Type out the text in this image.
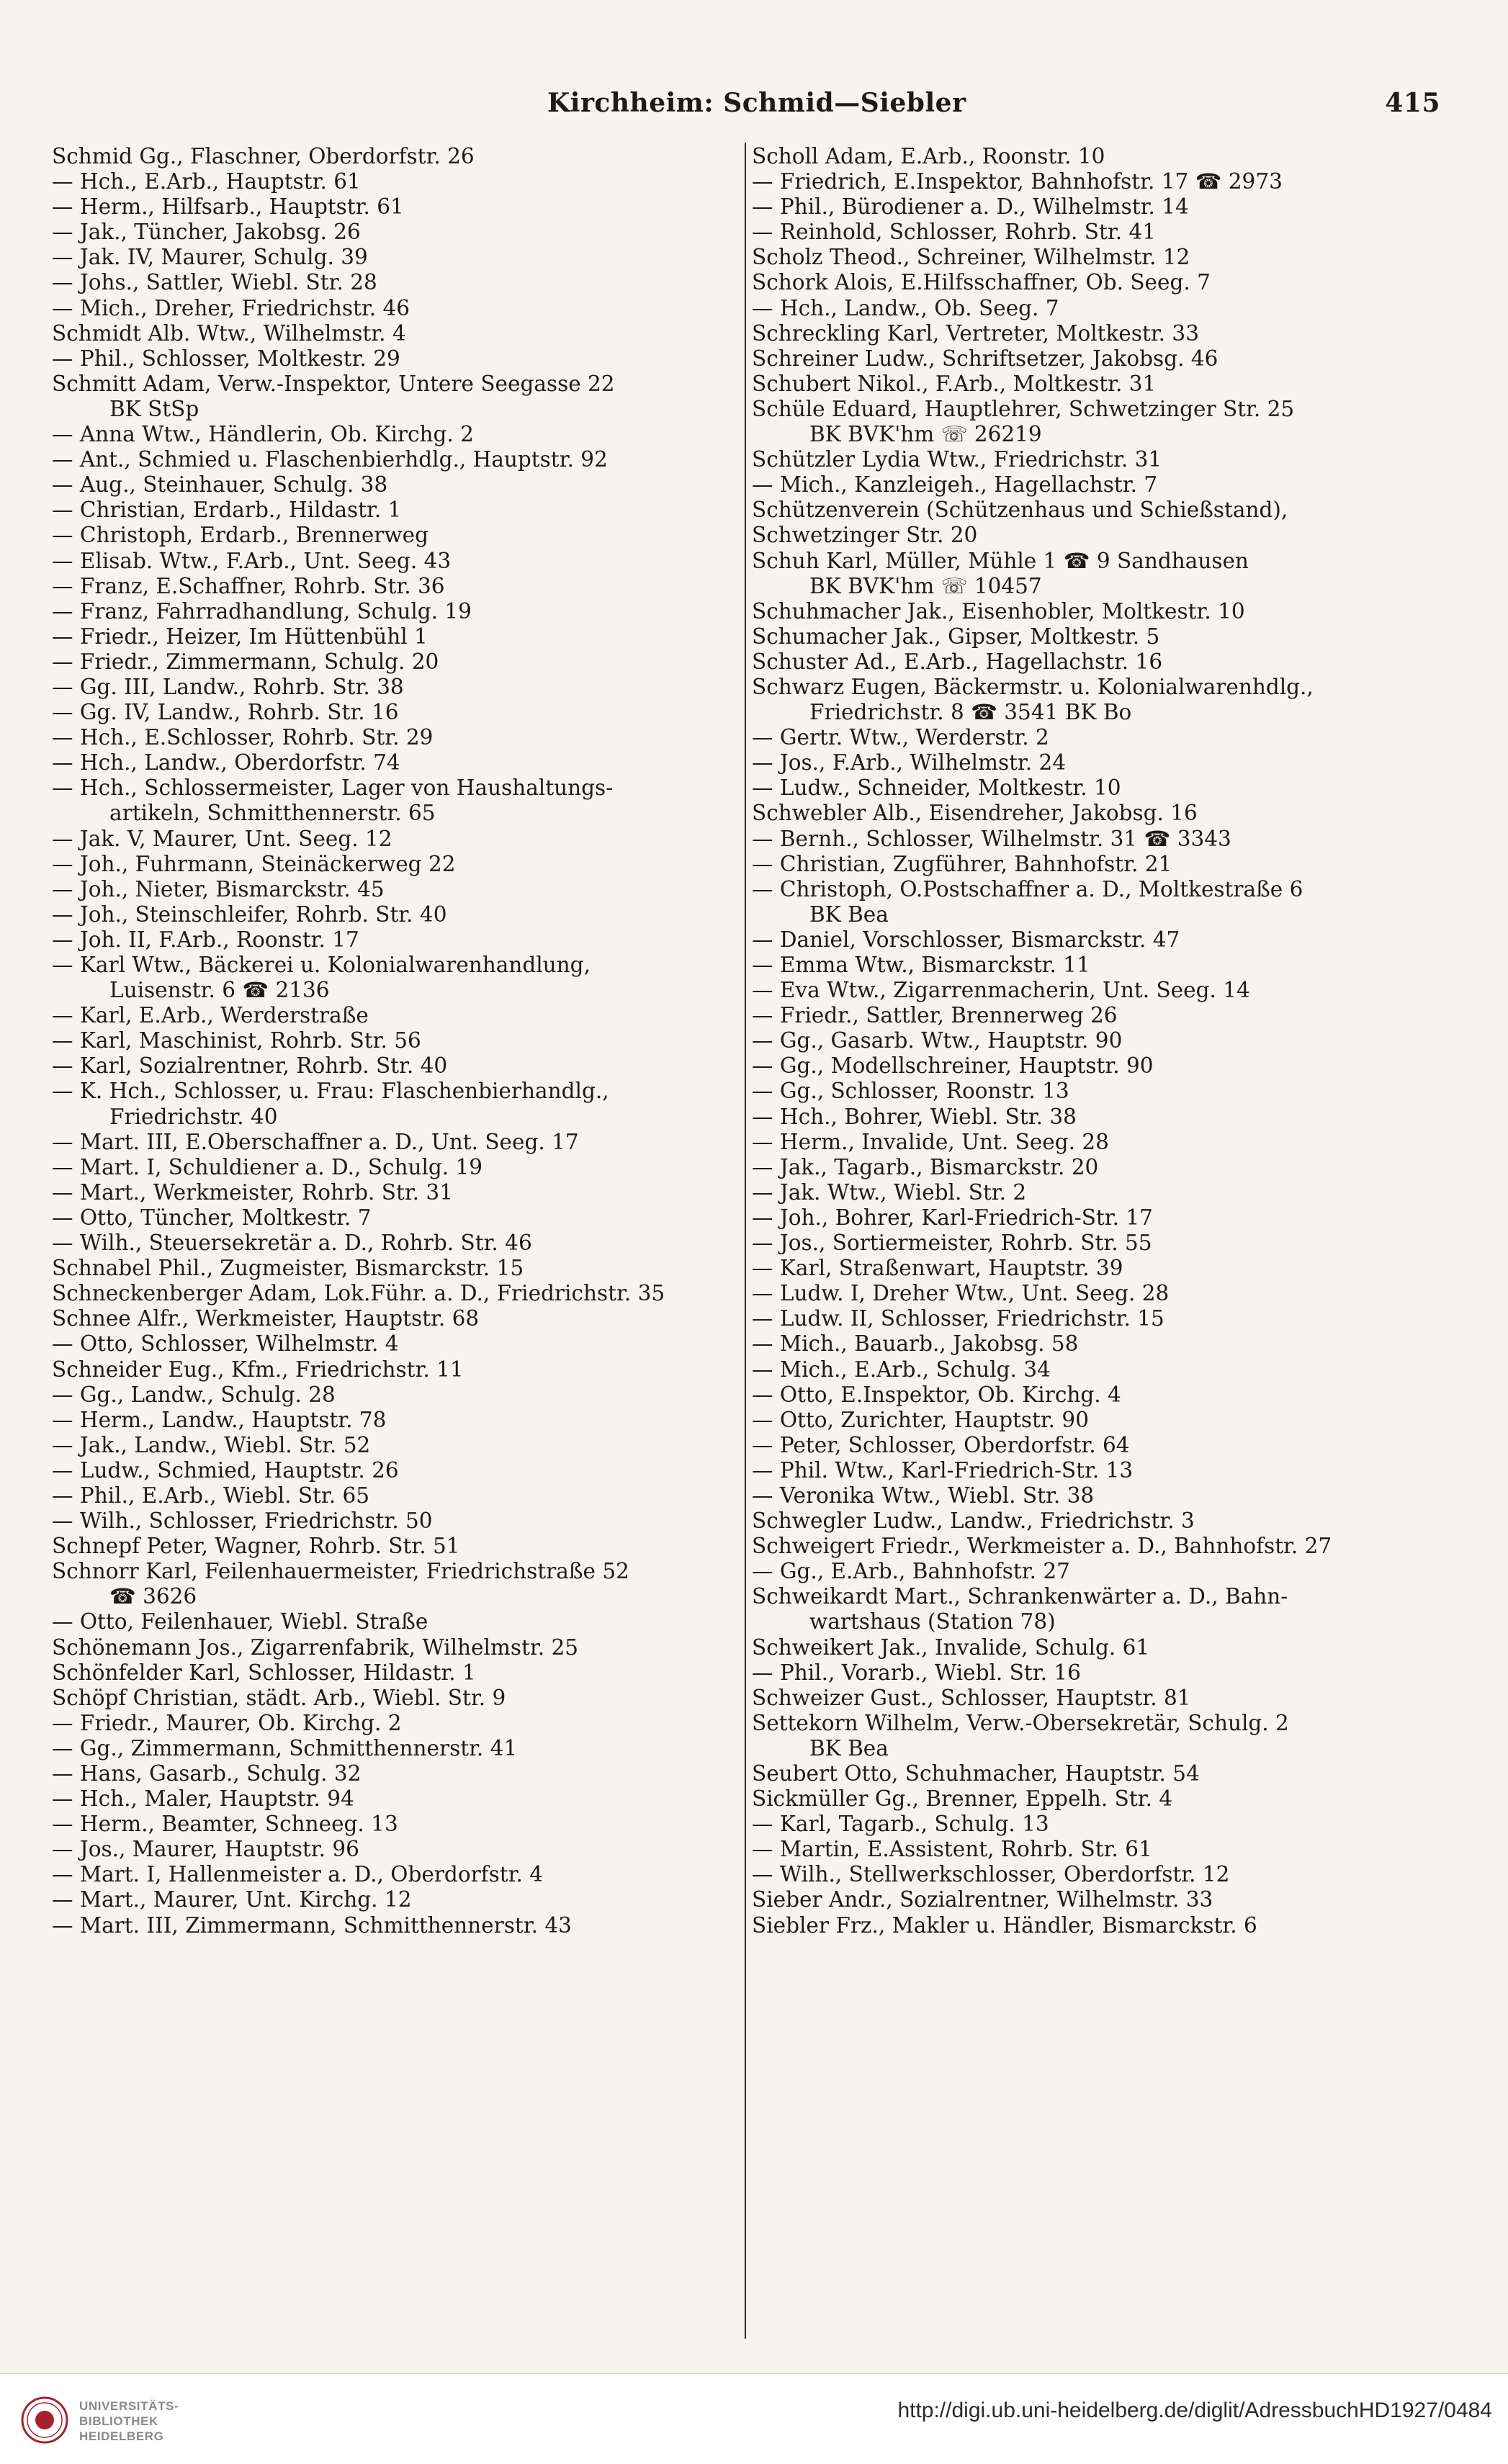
Kirchheim: Schmid—Siebler	415
Schmid Gg., Flaschner, Oberdorfstr. 26
— Hch., E.Arb., Hauptstr. 61
— Herm., Hilfsarb., Hauptstr. 61
— Jak., Tüncher, Jakobsg. 26
— Jak. IV, Maurer, Schulg. 39
— Johs., Sattler, Wiebl. Str. 28
— Mich., Dreher, Friedrichstr. 46
Schmidt Alb. Wtw., Wilhelmstr. 4
— Phil., Schlosser, Moltkestr. 29
Schmitt Adam, Verw.-Inspektor, Untere Seegasse 22
BK StSp
— Anna Wtw., Händlerin, Ob. Kirchg. 2
— Ant., Schmied u. Flaschenbierhdlg., Hauptstr. 92
— Aug., Steinhauer, Schulg. 38
— Christian, Erdarb., Hildastr. 1
— Christoph, Erdarb., Brennerweg
— Elisab. Wtw., F.Arb., Unt. Seeg. 43
— Franz, E.Schaffner, Rohrb. Str. 36
— Franz, Fahrradhandlung, Schulg. 19
— Friedr., Heizer, Im Hüttenbühl 1
— Friedr., Zimmermann, Schulg. 20
— Gg. III, Landw., Rohrb. Str. 38
— Gg. IV, Landw., Rohrb. Str. 16
— Hch., E.Schlosser, Rohrb. Str. 29
— Hch., Landw., Oberdorfstr. 74
— Hch., Schlossermeister, Lager von Haushaltungs-
artikeln, Schmitthennerstr. 65
— Jak. V, Maurer, Unt. Seeg. 12
— Joh., Fuhrmann, Steinäckerweg 22
— Joh., Nieter, Bismarckstr. 45
— Joh., Steinschleifer, Rohrb. Str. 40
— Joh. II, F.Arb., Roonstr. 17
— Karl Wtw., Bäckerei u. Kolonialwarenhandlung,
Luisenstr. 6 ☎ 2136
— Karl, E.Arb., Werderstraße
— Karl, Maschinist, Rohrb. Str. 56
— Karl, Sozialrentner, Rohrb. Str. 40
— K. Hch., Schlosser, u. Frau: Flaschenbierhandlg.,
Friedrichstr. 40
— Mart. III, E.Oberschaffner a. D., Unt. Seeg. 17
— Mart. I, Schuldiener a. D., Schulg. 19
— Mart., Werkmeister, Rohrb. Str. 31
— Otto, Tüncher, Moltkestr. 7
— Wilh., Steuersekretär a. D., Rohrb. Str. 46
Schnabel Phil., Zugmeister, Bismarckstr. 15
Schneckenberger Adam, Lok.Führ. a. D., Friedrichstr. 35
Schnee Alfr., Werkmeister, Hauptstr. 68
— Otto, Schlosser, Wilhelmstr. 4
Schneider Eug., Kfm., Friedrichstr. 11
— Gg., Landw., Schulg. 28
— Herm., Landw., Hauptstr. 78
— Jak., Landw., Wiebl. Str. 52
— Ludw., Schmied, Hauptstr. 26
— Phil., E.Arb., Wiebl. Str. 65
— Wilh., Schlosser, Friedrichstr. 50
Schnepf Peter, Wagner, Rohrb. Str. 51
Schnorr Karl, Feilenhauermeister, Friedrichstraße 52
☎ 3626
— Otto, Feilenhauer, Wiebl. Straße
Schönemann Jos., Zigarrenfabrik, Wilhelmstr. 25
Schönfelder Karl, Schlosser, Hildastr. 1
Schöpf Christian, städt. Arb., Wiebl. Str. 9
— Friedr., Maurer, Ob. Kirchg. 2
— Gg., Zimmermann, Schmitthennerstr. 41
— Hans, Gasarb., Schulg. 32
— Hch., Maler, Hauptstr. 94
— Herm., Beamter, Schneeg. 13
— Jos., Maurer, Hauptstr. 96
— Mart. I, Hallenmeister a. D., Oberdorfstr. 4
— Mart., Maurer, Unt. Kirchg. 12
— Mart. III, Zimmermann, Schmitthennerstr. 43
Scholl Adam, E.Arb., Roonstr. 10
— Friedrich, E.Inspektor, Bahnhofstr. 17 ☎ 2973
— Phil., Bürodiener a. D., Wilhelmstr. 14
— Reinhold, Schlosser, Rohrb. Str. 41
Scholz Theod., Schreiner, Wilhelmstr. 12
Schork Alois, E.Hilfsschaffner, Ob. Seeg. 7
— Hch., Landw., Ob. Seeg. 7
Schreckling Karl, Vertreter, Moltkestr. 33
Schreiner Ludw., Schriftsetzer, Jakobsg. 46
Schubert Nikol., F.Arb., Moltkestr. 31
Schüle Eduard, Hauptlehrer, Schwetzinger Str. 25
BK BVK'hm ☏ 26219
Schützler Lydia Wtw., Friedrichstr. 31
— Mich., Kanzleigeh., Hagellachstr. 7
Schützenverein (Schützenhaus und Schießstand),
Schwetzinger Str. 20
Schuh Karl, Müller, Mühle 1 ☎ 9 Sandhausen
BK BVK'hm ☏ 10457
Schuhmacher Jak., Eisenhobler, Moltkestr. 10
Schumacher Jak., Gipser, Moltkestr. 5
Schuster Ad., E.Arb., Hagellachstr. 16
Schwarz Eugen, Bäckermstr. u. Kolonialwarenhdlg.,
Friedrichstr. 8 ☎ 3541 BK Bo
— Gertr. Wtw., Werderstr. 2
— Jos., F.Arb., Wilhelmstr. 24
— Ludw., Schneider, Moltkestr. 10
Schwebler Alb., Eisendreher, Jakobsg. 16
— Bernh., Schlosser, Wilhelmstr. 31 ☎ 3343
— Christian, Zugführer, Bahnhofstr. 21
— Christoph, O.Postschaffner a. D., Moltkestraße 6
BK Bea
— Daniel, Vorschlosser, Bismarckstr. 47
— Emma Wtw., Bismarckstr. 11
— Eva Wtw., Zigarrenmacherin, Unt. Seeg. 14
— Friedr., Sattler, Brennerweg 26
— Gg., Gasarb. Wtw., Hauptstr. 90
— Gg., Modellschreiner, Hauptstr. 90
— Gg., Schlosser, Roonstr. 13
— Hch., Bohrer, Wiebl. Str. 38
— Herm., Invalide, Unt. Seeg. 28
— Jak., Tagarb., Bismarckstr. 20
— Jak. Wtw., Wiebl. Str. 2
— Joh., Bohrer, Karl-Friedrich-Str. 17
— Jos., Sortiermeister, Rohrb. Str. 55
— Karl, Straßenwart, Hauptstr. 39
— Ludw. I, Dreher Wtw., Unt. Seeg. 28
— Ludw. II, Schlosser, Friedrichstr. 15
— Mich., Bauarb., Jakobsg. 58
— Mich., E.Arb., Schulg. 34
— Otto, E.Inspektor, Ob. Kirchg. 4
— Otto, Zurichter, Hauptstr. 90
— Peter, Schlosser, Oberdorfstr. 64
— Phil. Wtw., Karl-Friedrich-Str. 13
— Veronika Wtw., Wiebl. Str. 38
Schwegler Ludw., Landw., Friedrichstr. 3
Schweigert Friedr., Werkmeister a. D., Bahnhofstr. 27
— Gg., E.Arb., Bahnhofstr. 27
Schweikardt Mart., Schrankenwärter a. D., Bahn-
wartshaus (Station 78)
Schweikert Jak., Invalide, Schulg. 61
— Phil., Vorarb., Wiebl. Str. 16
Schweizer Gust., Schlosser, Hauptstr. 81
Settekorn Wilhelm, Verw.-Obersekretär, Schulg. 2
BK Bea
Seubert Otto, Schuhmacher, Hauptstr. 54
Sickmüller Gg., Brenner, Eppelh. Str. 4
— Karl, Tagarb., Schulg. 13
— Martin, E.Assistent, Rohrb. Str. 61
— Wilh., Stellwerkschlosser, Oberdorfstr. 12
Sieber Andr., Sozialrentner, Wilhelmstr. 33
Siebler Frz., Makler u. Händler, Bismarckstr. 6
UNIVERSITÄTS-
BIBLIOTHEK
HEIDELBERG
http://digi.ub.uni-heidelberg.de/diglit/AdressbuchHD1927/0484
